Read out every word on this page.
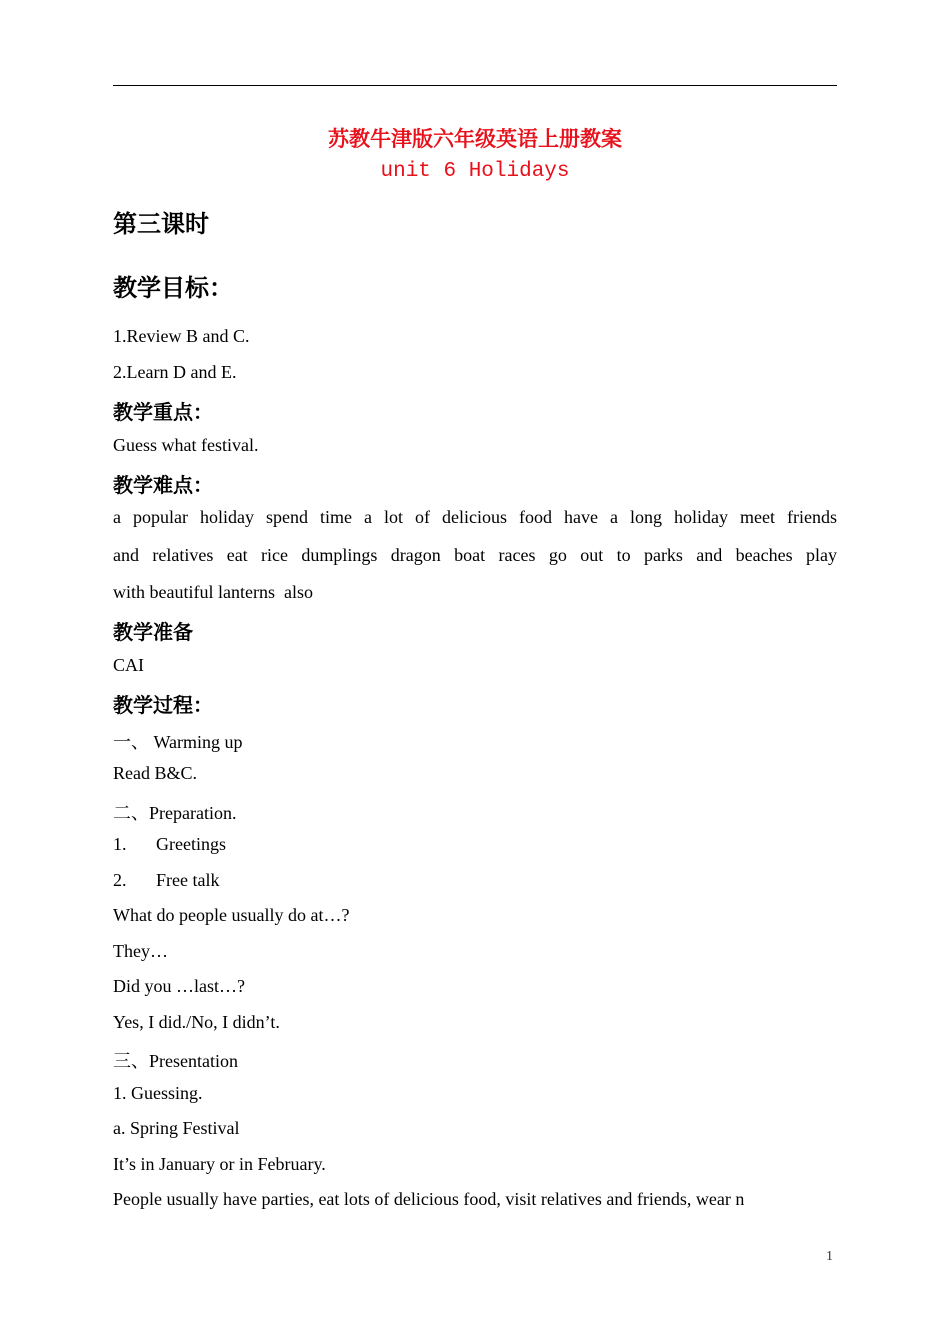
苏教牛津版六年级英语上册教案
unit 6 Holidays
第三课时
教学目标：
1.Review B and C.
2.Learn D and E.
教学重点：
Guess what festival.
教学难点：
a popular holiday spend time a lot of delicious food have a long holiday meet friends
and relatives eat rice dumplings dragon boat races go out to parks and beaches play
with beautiful lanterns  also
教学准备
CAI
教学过程：
一、 Warming up
Read B&C.
二、Preparation.
1. Greetings
2. Free talk
What do people usually do at…?
They…
Did you …last…?
Yes, I did./No, I didn’t.
三、Presentation
1. Guessing.
a. Spring Festival
It’s in January or in February.
People usually have parties, eat lots of delicious food, visit relatives and friends, wear n
1
